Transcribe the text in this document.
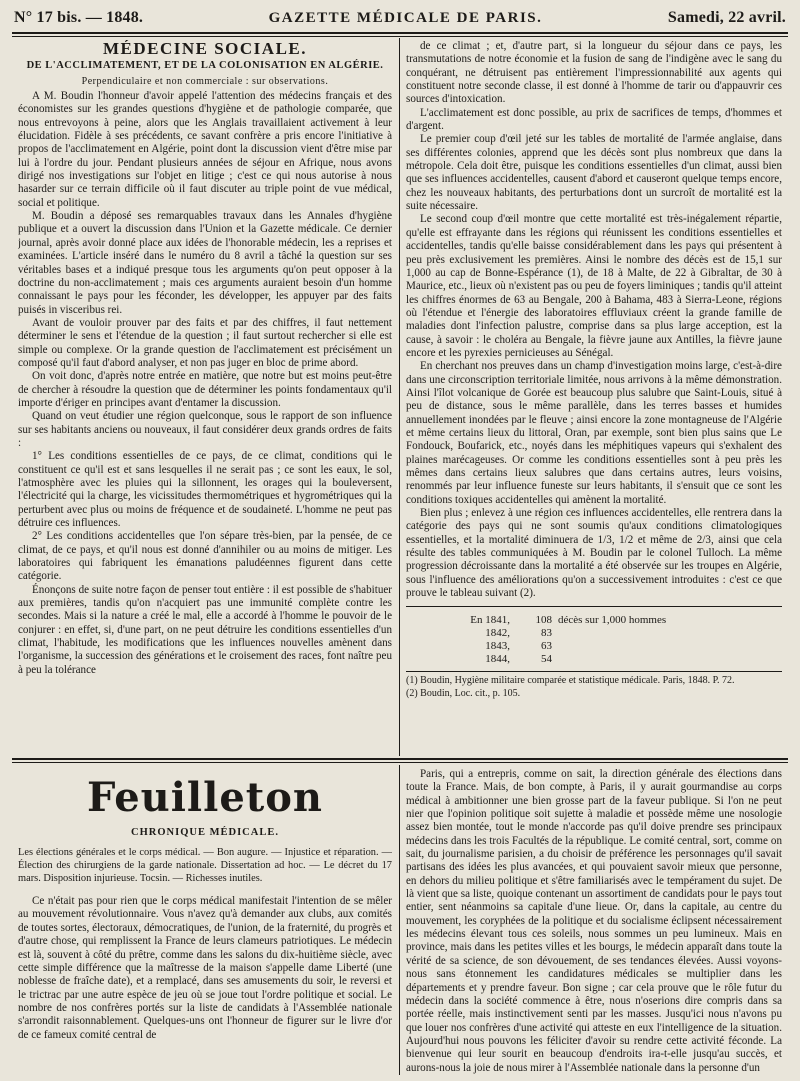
N° 17 bis. — 1848.	GAZETTE MÉDICALE DE PARIS.	Samedi, 22 avril.
MÉDECINE SOCIALE.
DE L'ACCLIMATEMENT, ET DE LA COLONISATION EN ALGÉRIE.
Perpendiculaire et non commerciale : sur observations.

A M. Boudin l'honneur d'avoir appelé l'attention des médecins français et des économistes sur les grandes questions d'hygiène et de pathologie comparée, que nous entrevoyons à peine, alors que les Anglais travaillaient activement à leur élucidation. Fidèle à ses précédents, ce savant confrère a pris encore l'initiative à propos de l'acclimatement en Algérie, point dont la discussion vient d'être mise par lui à l'ordre du jour. Pendant plusieurs années de séjour en Afrique, nous avons dirigé nos investigations sur l'objet en litige ; c'est ce qui nous autorise à nous hasarder sur ce terrain difficile où il faut discuter au triple point de vue médical, social et politique.

M. Boudin a déposé ses remarquables travaux dans les Annales d'hygiène publique et a ouvert la discussion dans l'Union et la Gazette médicale. Ce dernier journal, après avoir donné place aux idées de l'honorable médecin, les a reprises et examinées. L'article inséré dans le numéro du 8 avril a tâché la question sur ses véritables bases et a indiqué presque tous les arguments qu'on peut opposer à la doctrine du non-acclimatement ; mais ces arguments auraient besoin d'un homme connaissant le pays pour les féconder, les développer, les appuyer par des faits puisés in visceribus rei.

Avant de vouloir prouver par des faits et par des chiffres, il faut nettement déterminer le sens et l'étendue de la question ; il faut surtout rechercher si elle est simple ou complexe. Or la grande question de l'acclimatement est précisément un composé qu'il faut d'abord analyser, et non pas juger en bloc de prime abord.

On voit donc, d'après notre entrée en matière, que notre but est moins peut-être de chercher à résoudre la question que de déterminer les points fondamentaux qu'il importe d'ériger en principes avant d'entamer la discussion.

Quand on veut étudier une région quelconque, sous le rapport de son influence sur ses habitants anciens ou nouveaux, il faut considérer deux grands ordres de faits :

1° Les conditions essentielles de ce pays, de ce climat, conditions qui le constituent ce qu'il est et sans lesquelles il ne serait pas ; ce sont les eaux, le sol, l'atmosphère avec les pluies qui la sillonnent, les orages qui la bouleversent, l'électricité qui la charge, les vicissitudes thermométriques et hygrométriques qui la perturbent avec plus ou moins de fréquence et de soudaineté. L'homme ne peut pas détruire ces influences.

2° Les conditions accidentelles que l'on sépare très-bien, par la pensée, de ce climat, de ce pays, et qu'il nous est donné d'annihiler ou au moins de mitiger. Les laboratoires qui fabriquent les émanations paludéennes figurent dans cette catégorie.

Énonçons de suite notre façon de penser tout entière : il est possible de s'habituer aux premières, tandis qu'on n'acquiert pas une immunité complète contre les secondes. Mais si la nature a créé le mal, elle a accordé à l'homme le pouvoir de le conjurer : en effet, si, d'une part, on ne peut détruire les conditions essentielles d'un climat, l'habitude, les modifications que les influences nouvelles amènent dans l'organisme, la succession des générations et le croisement des races, font naître peu à peu la tolérance

de ce climat ; et, d'autre part, si la longueur du séjour dans ce pays, les transmutations de notre économie et la fusion de sang de l'indigène avec le sang du conquérant, ne détruisent pas entièrement l'impressionnabilité aux agents qui constituent notre seconde classe, il est donné à l'homme de tarir ou d'appauvrir ces sources d'intoxication.

L'acclimatement est donc possible, au prix de sacrifices de temps, d'hommes et d'argent.

Le premier coup d'œil jeté sur les tables de mortalité de l'armée anglaise, dans ses différentes colonies, apprend que les décès sont plus nombreux que dans la métropole. Cela doit être, puisque les conditions essentielles d'un climat, aussi bien que ses influences accidentelles, causent d'abord et causeront quelque temps encore, chez les nouveaux habitants, des perturbations dont un surcroît de mortalité est la suite nécessaire.

Le second coup d'œil montre que cette mortalité est très-inégalement répartie, qu'elle est effrayante dans les régions qui réunissent les conditions essentielles et accidentelles, tandis qu'elle baisse considérablement dans les pays qui présentent à peu près exclusivement les premières. Ainsi le nombre des décès est de 15,1 sur 1,000 au cap de Bonne-Espérance (1), de 18 à Malte, de 22 à Gibraltar, de 30 à Maurice, etc., lieux où n'existent pas ou peu de foyers liminiques ; tandis qu'il atteint les chiffres énormes de 63 au Bengale, 200 à Bahama, 483 à Sierra-Leone, régions où l'étendue et l'énergie des laboratoires effluviaux créent la grande famille de maladies dont l'infection palustre, comprise dans sa plus large acception, est la cause, à savoir : le choléra au Bengale, la fièvre jaune aux Antilles, la fièvre jaune encore et les pyrexies pernicieuses au Sénégal.

En cherchant nos preuves dans un champ d'investigation moins large, c'est-à-dire dans une circonscription territoriale limitée, nous arrivons à la même démonstration. Ainsi l'îlot volcanique de Gorée est beaucoup plus salubre que Saint-Louis, situé à peu de distance, sous le même parallèle, dans les terres basses et humides annuellement inondées par le fleuve ; ainsi encore la zone montagneuse de l'Algérie et même certains lieux du littoral, Oran, par exemple, sont bien plus sains que Le Fondouck, Boufarick, etc., noyés dans les méphitiques vapeurs qui s'exhalent des plaines marécageuses. Or comme les conditions essentielles sont à peu près les mêmes dans certains lieux salubres que dans certains autres, leurs voisins, renommés par leur influence funeste sur leurs habitants, il s'ensuit que ce sont les conditions toxiques accidentelles qui amènent la mortalité.

Bien plus ; enlevez à une région ces influences accidentelles, elle rentrera dans la catégorie des pays qui ne sont soumis qu'aux conditions climatologiques essentielles, et la mortalité diminuera de 1/3, 1/2 et même de 2/3, ainsi que cela résulte des tables communiquées à M. Boudin par le colonel Tulloch. La même progression décroissante dans la mortalité a été observée sur les troupes en Algérie, sous l'influence des améliorations qu'on a successivement introduites : c'est ce que prouve le tableau suivant (2).

En 1841,	108 décès sur 1,000 hommes
1842,	83
1843,	63
1844,	54
(1) Boudin, Hygiène militaire comparée et statistique médicale. Paris, 1848. P. 72.
(2) Boudin, Loc. cit., p. 105.
Feuilleton
CHRONIQUE MÉDICALE.
Les élections générales et le corps médical. — Bon augure. — Injustice et réparation. — Élection des chirurgiens de la garde nationale. Dissertation ad hoc. — Le décret du 17 mars. Disposition injurieuse. Tocsin. — Richesses inutiles.

Ce n'était pas pour rien que le corps médical manifestait l'intention de se mêler au mouvement révolutionnaire. Vous n'avez qu'à demander aux clubs, aux comités de toutes sortes, électoraux, démocratiques, de l'union, de la fraternité, du progrès et d'autre chose, qui remplissent la France de leurs clameurs patriotiques. Le médecin est là, souvent à côté du prêtre, comme dans les salons du dix-huitième siècle, avec cette simple différence que la maîtresse de la maison s'appelle dame Liberté (une noblesse de fraîche date), et a remplacé, dans ses amusements du soir, le reversi et le trictrac par une autre espèce de jeu où se joue tout l'ordre politique et social. Le nombre de nos confrères portés sur la liste de candidats à l'Assemblée nationale s'arrondit raisonnablement. Quelques-uns ont l'honneur de figurer sur le livre d'or de ce fameux comité central de

Paris, qui a entrepris, comme on sait, la direction générale des élections dans toute la France. Mais, de bon compte, à Paris, il y aurait gourmandise au corps médical à ambitionner une bien grosse part de la faveur publique. Si l'on ne peut nier que l'opinion politique soit sujette à maladie et possède même une nosologie assez bien montée, tout le monde n'accorde pas qu'il doive prendre ses principaux médecins dans les trois Facultés de la république. Le comité central, sort, comme on sait, du journalisme parisien, a du choisir de préférence les personnages qu'il savait partisans des idées les plus avancées, et qui pouvaient savoir mieux que personne, en dehors du milieu politique et s'être familiarisés avec le tempérament du sujet. De là vient que sa liste, quoique contenant un assortiment de candidats pour le pays tout entier, sent néanmoins sa capitale d'une lieue. Or, dans la capitale, au centre du mouvement, les coryphées de la politique et du socialisme éclipsent nécessairement les médecins élevant tous ces soleils, nous sommes un peu lumineux. Mais en province, mais dans les petites villes et les bourgs, le médecin apparaît dans toute la vérité de sa science, de son dévouement, de ses tendances élevées. Aussi voyons-nous sans étonnement les candidatures médicales se multiplier dans les départements et y prendre faveur. Bon signe ; car cela prouve que le rôle futur du médecin dans la société commence à être, nous n'oserions dire compris dans sa portée réelle, mais instinctivement senti par les masses. Jusqu'ici nous n'avons pu que louer nos confrères d'une activité qui atteste en eux l'intelligence de la situation. Aujourd'hui nous pouvons les féliciter d'avoir su rendre cette activité féconde. La bienvenue qui leur sourit en beaucoup d'endroits ira-t-elle jusqu'au succès, et aurons-nous la joie de nous mirer à l'Assemblée nationale dans la personne d'un
